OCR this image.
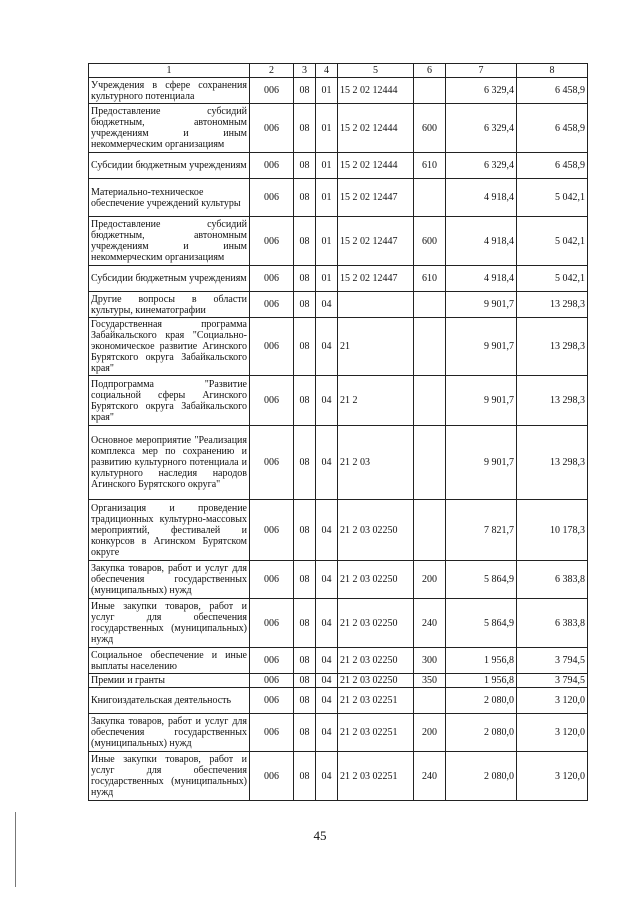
1	2	3	4	5	6	7	8
Учреждения в сфере сохранения культурного потенциала	006	08	01	15 2 02 12444		6 329,4	6 458,9
Предоставление субсидий бюджетным, автономным учреждениям и иным некоммерческим организациям	006	08	01	15 2 02 12444	600	6 329,4	6 458,9
Субсидии бюджетным учреждениям	006	08	01	15 2 02 12444	610	6 329,4	6 458,9
Материально-техническое обеспечение учреждений культуры	006	08	01	15 2 02 12447		4 918,4	5 042,1
Предоставление субсидий бюджетным, автономным учреждениям и иным некоммерческим организациям	006	08	01	15 2 02 12447	600	4 918,4	5 042,1
Субсидии бюджетным учреждениям	006	08	01	15 2 02 12447	610	4 918,4	5 042,1
Другие вопросы в области культуры, кинематографии	006	08	04			9 901,7	13 298,3
Государственная программа Забайкальского края "Социально-экономическое развитие Агинского Бурятского округа Забайкальского края"	006	08	04	21		9 901,7	13 298,3
Подпрограмма "Развитие социальной сферы Агинского Бурятского округа Забайкальского края"	006	08	04	21 2		9 901,7	13 298,3
Основное мероприятие "Реализация комплекса мер по сохранению и развитию культурного потенциала и культурного наследия народов Агинского Бурятского округа"	006	08	04	21 2 03		9 901,7	13 298,3
Организация и проведение традиционных культурно-массовых мероприятий, фестивалей и конкурсов в Агинском Бурятском округе	006	08	04	21 2 03 02250		7 821,7	10 178,3
Закупка товаров, работ и услуг для обеспечения государственных (муниципальных) нужд	006	08	04	21 2 03 02250	200	5 864,9	6 383,8
Иные закупки товаров, работ и услуг для обеспечения государственных (муниципальных) нужд	006	08	04	21 2 03 02250	240	5 864,9	6 383,8
Социальное обеспечение и иные выплаты населению	006	08	04	21 2 03 02250	300	1 956,8	3 794,5
Премии и гранты	006	08	04	21 2 03 02250	350	1 956,8	3 794,5
Книгоиздательская деятельность	006	08	04	21 2 03 02251		2 080,0	3 120,0
Закупка товаров, работ и услуг для обеспечения государственных (муниципальных) нужд	006	08	04	21 2 03 02251	200	2 080,0	3 120,0
Иные закупки товаров, работ и услуг для обеспечения государственных (муниципальных) нужд	006	08	04	21 2 03 02251	240	2 080,0	3 120,0
45
